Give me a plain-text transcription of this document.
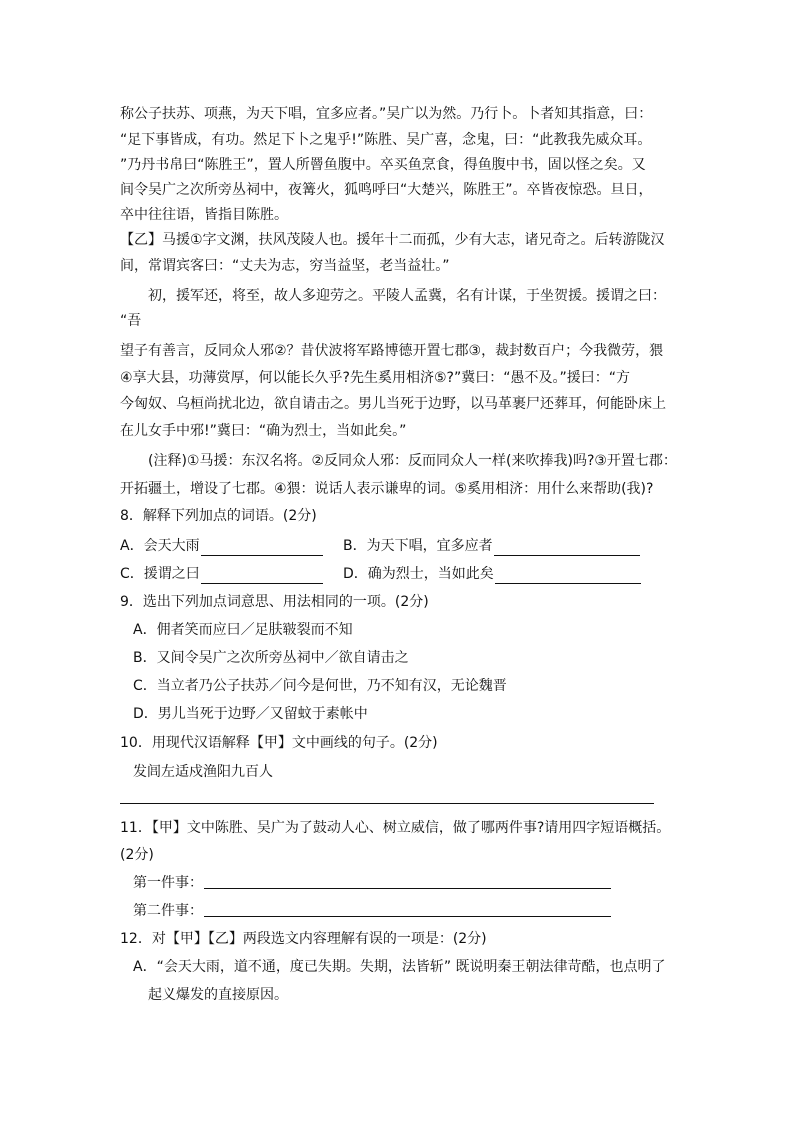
称公子扶苏、项燕，为天下唱，宜多应者。”吴广以为然。乃行卜。卜者知其指意，曰：
“足下事皆成，有功。然足下卜之鬼乎!”陈胜、吴广喜，念鬼，曰：“此教我先威众耳。
”乃丹书帛曰“陈胜王”，置人所罾鱼腹中。卒买鱼烹食，得鱼腹中书，固以怪之矣。又
间令吴广之次所旁丛祠中，夜篝火，狐鸣呼曰“大楚兴，陈胜王”。卒皆夜惊恐。旦日，
卒中往往语，皆指目陈胜。
【乙】马援①字文渊，扶风茂陵人也。援年十二而孤，少有大志，诸兄奇之。后转游陇汉
间，常谓宾客曰：“丈夫为志，穷当益坚，老当益壮。”
初，援军还，将至，故人多迎劳之。平陵人孟冀，名有计谋，于坐贺援。援谓之曰：
“吾
望子有善言，反同众人邪②？昔伏波将军路博德开置七郡③，裁封数百户；今我微劳，猥
④享大县，功薄赏厚，何以能长久乎?先生奚用相济⑤?”冀曰：“愚不及。”援曰：“方
今匈奴、乌桓尚扰北边，欲自请击之。男儿当死于边野，以马革裹尸还葬耳，何能卧床上
在儿女手中邪!”冀曰：“确为烈士，当如此矣。”
(注释)①马援：东汉名将。②反同众人邪：反而同众人一样(来吹捧我)吗?③开置七郡：
开拓疆土，增设了七郡。④猥：说话人表示谦卑的词。⑤奚用相济：用什么来帮助(我)?
8．解释下列加点的词语。(2分)
A．会天大雨	B．为天下唱，宜多应者
C．援谓之曰	D．确为烈士，当如此矣
9．选出下列加点词意思、用法相同的一项。(2分)
A．佣者笑而应曰／足肤皲裂而不知
B．又间令吴广之次所旁丛祠中／欲自请击之
C．当立者乃公子扶苏／问今是何世，乃不知有汉，无论魏晋
D．男儿当死于边野／又留蚊于素帐中
10．用现代汉语解释【甲】文中画线的句子。(2分)
发闾左适戍渔阳九百人
11．【甲】文中陈胜、吴广为了鼓动人心、树立威信，做了哪两件事?请用四字短语概括。
(2分)
第一件事：
第二件事：
12．对【甲】【乙】两段选文内容理解有误的一项是：(2分)
A．“会天大雨，道不通，度已失期。失期，法皆斩” 既说明秦王朝法律苛酷，也点明了
起义爆发的直接原因。
